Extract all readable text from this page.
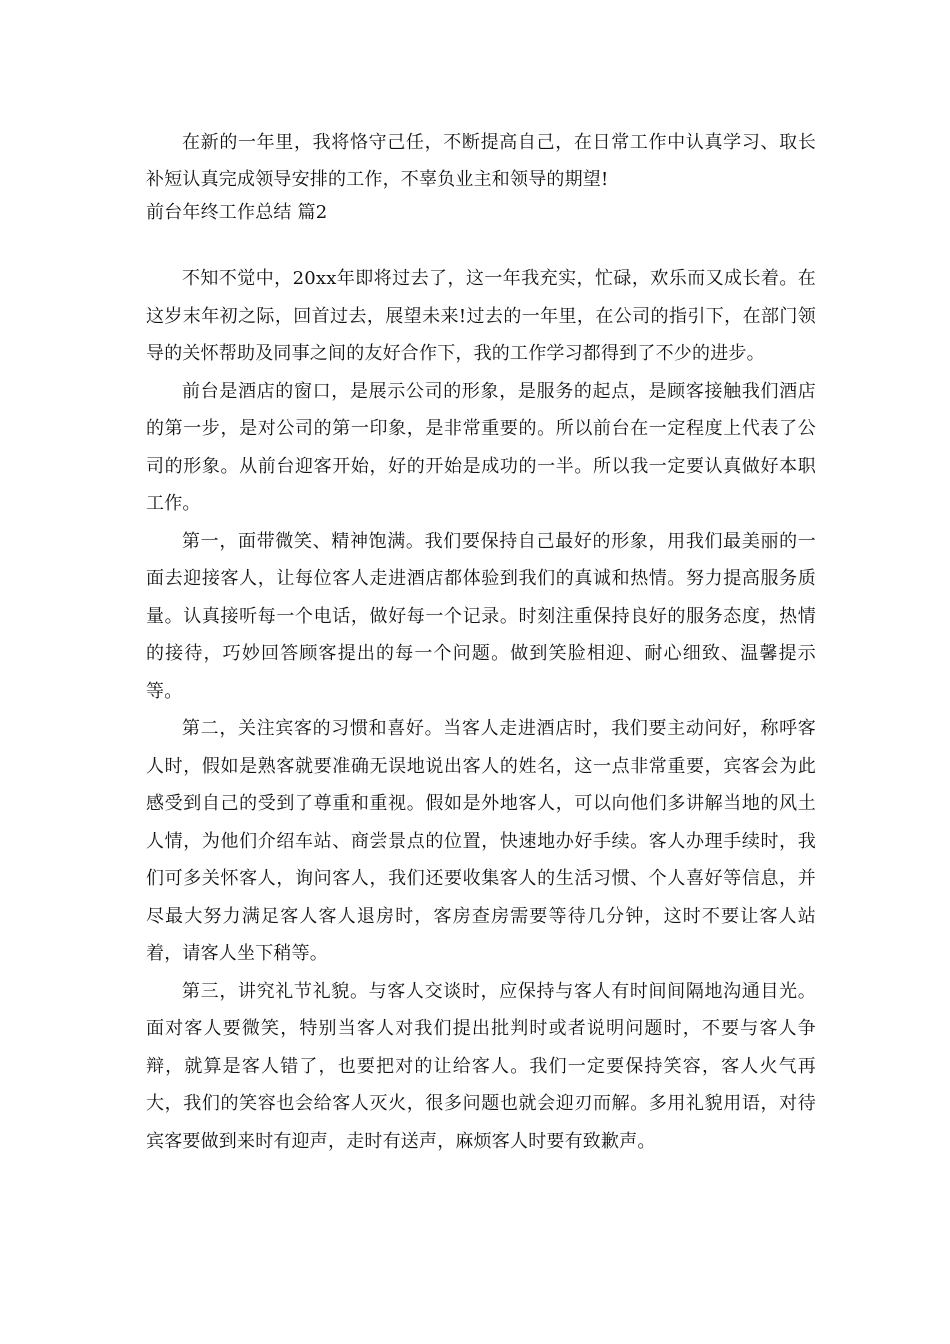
在新的一年里，我将恪守己任，不断提高自己，在日常工作中认真学习、取长补短认真完成领导安排的工作，不辜负业主和领导的期望!

前台年终工作总结 篇2

不知不觉中，20xx年即将过去了，这一年我充实，忙碌，欢乐而又成长着。在这岁末年初之际，回首过去，展望未来!过去的一年里，在公司的指引下，在部门领导的关怀帮助及同事之间的友好合作下，我的工作学习都得到了不少的进步。

前台是酒店的窗口，是展示公司的形象，是服务的起点，是顾客接触我们酒店的第一步，是对公司的第一印象，是非常重要的。所以前台在一定程度上代表了公司的形象。从前台迎客开始，好的开始是成功的一半。所以我一定要认真做好本职工作。

第一，面带微笑、精神饱满。我们要保持自己最好的形象，用我们最美丽的一面去迎接客人，让每位客人走进酒店都体验到我们的真诚和热情。努力提高服务质量。认真接听每一个电话，做好每一个记录。时刻注重保持良好的服务态度，热情的接待，巧妙回答顾客提出的每一个问题。做到笑脸相迎、耐心细致、温馨提示等。

第二，关注宾客的习惯和喜好。当客人走进酒店时，我们要主动问好，称呼客人时，假如是熟客就要准确无误地说出客人的姓名，这一点非常重要，宾客会为此感受到自己的受到了尊重和重视。假如是外地客人，可以向他们多讲解当地的风土人情，为他们介绍车站、商尝景点的位置，快速地办好手续。客人办理手续时，我们可多关怀客人，询问客人，我们还要收集客人的生活习惯、个人喜好等信息，并尽最大努力满足客人客人退房时，客房查房需要等待几分钟，这时不要让客人站着，请客人坐下稍等。

第三，讲究礼节礼貌。与客人交谈时，应保持与客人有时间间隔地沟通目光。面对客人要微笑，特别当客人对我们提出批判时或者说明问题时，不要与客人争辩，就算是客人错了，也要把对的让给客人。我们一定要保持笑容，客人火气再大，我们的笑容也会给客人灭火，很多问题也就会迎刃而解。多用礼貌用语，对待宾客要做到来时有迎声，走时有送声，麻烦客人时要有致歉声。
